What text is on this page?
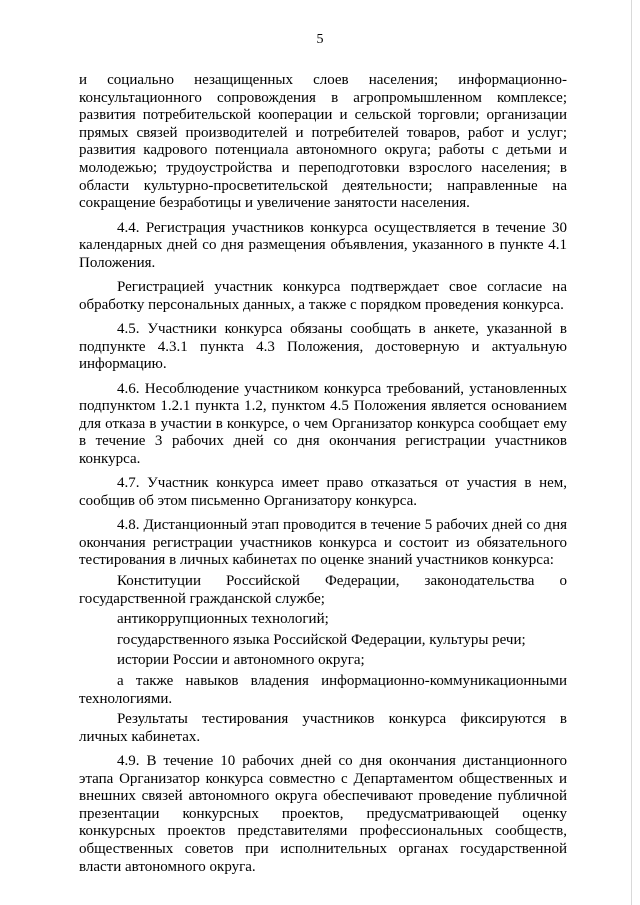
5

и социально незащищенных слоев населения; информационно-консультационного сопровождения в агропромышленном комплексе; развития потребительской кооперации и сельской торговли; организации прямых связей производителей и потребителей товаров, работ и услуг; развития кадрового потенциала автономного округа; работы с детьми и молодежью; трудоустройства и переподготовки взрослого населения; в области культурно-просветительской деятельности; направленные на сокращение безработицы и увеличение занятости населения.

4.4. Регистрация участников конкурса осуществляется в течение 30 календарных дней со дня размещения объявления, указанного в пункте 4.1 Положения.

Регистрацией участник конкурса подтверждает свое согласие на обработку персональных данных, а также с порядком проведения конкурса.

4.5. Участники конкурса обязаны сообщать в анкете, указанной в подпункте 4.3.1 пункта 4.3 Положения, достоверную и актуальную информацию.

4.6. Несоблюдение участником конкурса требований, установленных подпунктом 1.2.1 пункта 1.2, пунктом 4.5 Положения является основанием для отказа в участии в конкурсе, о чем Организатор конкурса сообщает ему в течение 3 рабочих дней со дня окончания регистрации участников конкурса.

4.7. Участник конкурса имеет право отказаться от участия в нем, сообщив об этом письменно Организатору конкурса.

4.8. Дистанционный этап проводится в течение 5 рабочих дней со дня окончания регистрации участников конкурса и состоит из обязательного тестирования в личных кабинетах по оценке знаний участников конкурса:

Конституции Российской Федерации, законодательства о государственной гражданской службе;

антикоррупционных технологий;

государственного языка Российской Федерации, культуры речи;

истории России и автономного округа;

а также навыков владения информационно-коммуникационными технологиями.

Результаты тестирования участников конкурса фиксируются в личных кабинетах.

4.9. В течение 10 рабочих дней со дня окончания дистанционного этапа Организатор конкурса совместно с Департаментом общественных и внешних связей автономного округа обеспечивают проведение публичной презентации конкурсных проектов, предусматривающей оценку конкурсных проектов представителями профессиональных сообществ, общественных советов при исполнительных органах государственной власти автономного округа.
